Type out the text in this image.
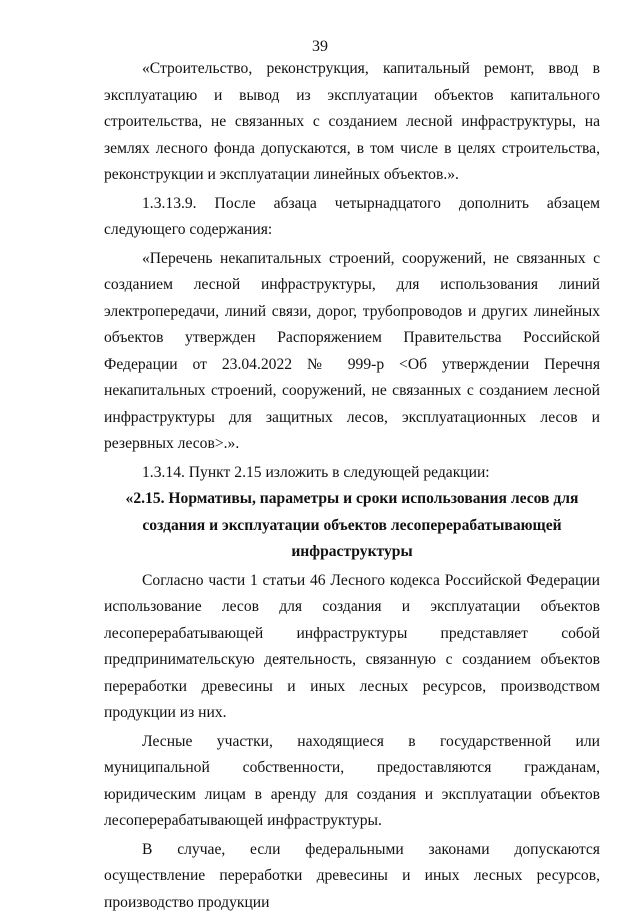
39

«Строительство, реконструкция, капитальный ремонт, ввод в эксплуатацию и вывод из эксплуатации объектов капитального строительства, не связанных с созданием лесной инфраструктуры, на землях лесного фонда допускаются, в том числе в целях строительства, реконструкции и эксплуатации линейных объектов.».

1.3.13.9. После абзаца четырнадцатого дополнить абзацем следующего содержания:

«Перечень некапитальных строений, сооружений, не связанных с созданием лесной инфраструктуры, для использования линий электропередачи, линий связи, дорог, трубопроводов и других линейных объектов утвержден Распоряжением Правительства Российской Федерации от 23.04.2022 № 999-р <Об утверждении Перечня некапитальных строений, сооружений, не связанных с созданием лесной инфраструктуры для защитных лесов, эксплуатационных лесов и резервных лесов>.».

1.3.14. Пункт 2.15 изложить в следующей редакции:

«2.15. Нормативы, параметры и сроки использования лесов для
создания и эксплуатации объектов лесоперерабатывающей
инфраструктуры

Согласно части 1 статьи 46 Лесного кодекса Российской Федерации использование лесов для создания и эксплуатации объектов лесоперерабатывающей инфраструктуры представляет собой предпринимательскую деятельность, связанную с созданием объектов переработки древесины и иных лесных ресурсов, производством продукции из них.

Лесные участки, находящиеся в государственной или муниципальной собственности, предоставляются гражданам, юридическим лицам в аренду для создания и эксплуатации объектов лесоперерабатывающей инфраструктуры.

В случае, если федеральными законами допускаются осуществление переработки древесины и иных лесных ресурсов, производство продукции
